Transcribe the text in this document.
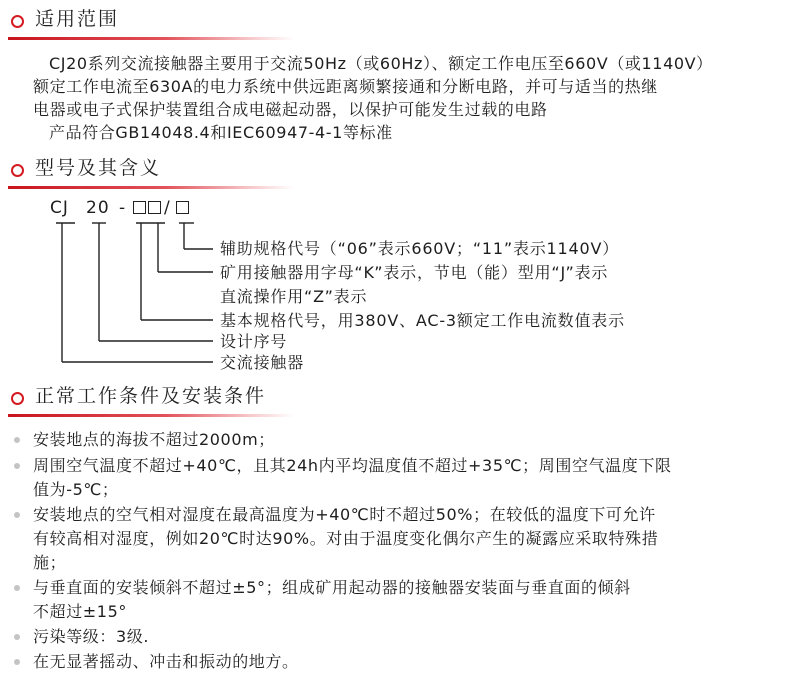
适用范围
CJ20系列交流接触器主要用于交流50Hz（或60Hz）、额定工作电压至660V（或1140V）
额定工作电流至630A的电力系统中供远距离频繁接通和分断电路，并可与适当的热继
电器或电子式保护装置组合成电磁起动器，以保护可能发生过载的电路
产品符合GB14048.4和IEC60947-4-1等标准
型号及其含义
CJ 20 - /
辅助规格代号（“06”表示660V；“11”表示1140V）
矿用接触器用字母“K”表示，节电（能）型用“J”表示
直流操作用“Z”表示
基本规格代号，用380V、AC-3额定工作电流数值表示
设计序号
交流接触器
正常工作条件及安装条件
安装地点的海拔不超过2000m；
周围空气温度不超过+40℃，且其24h内平均温度值不超过+35℃；周围空气温度下限
值为-5℃；
安装地点的空气相对湿度在最高温度为+40℃时不超过50%；在较低的温度下可允许
有较高相对湿度，例如20℃时达90%。对由于温度变化偶尔产生的凝露应采取特殊措
施；
与垂直面的安装倾斜不超过±5°；组成矿用起动器的接触器安装面与垂直面的倾斜
不超过±15°
污染等级：3级.
在无显著摇动、冲击和振动的地方。
